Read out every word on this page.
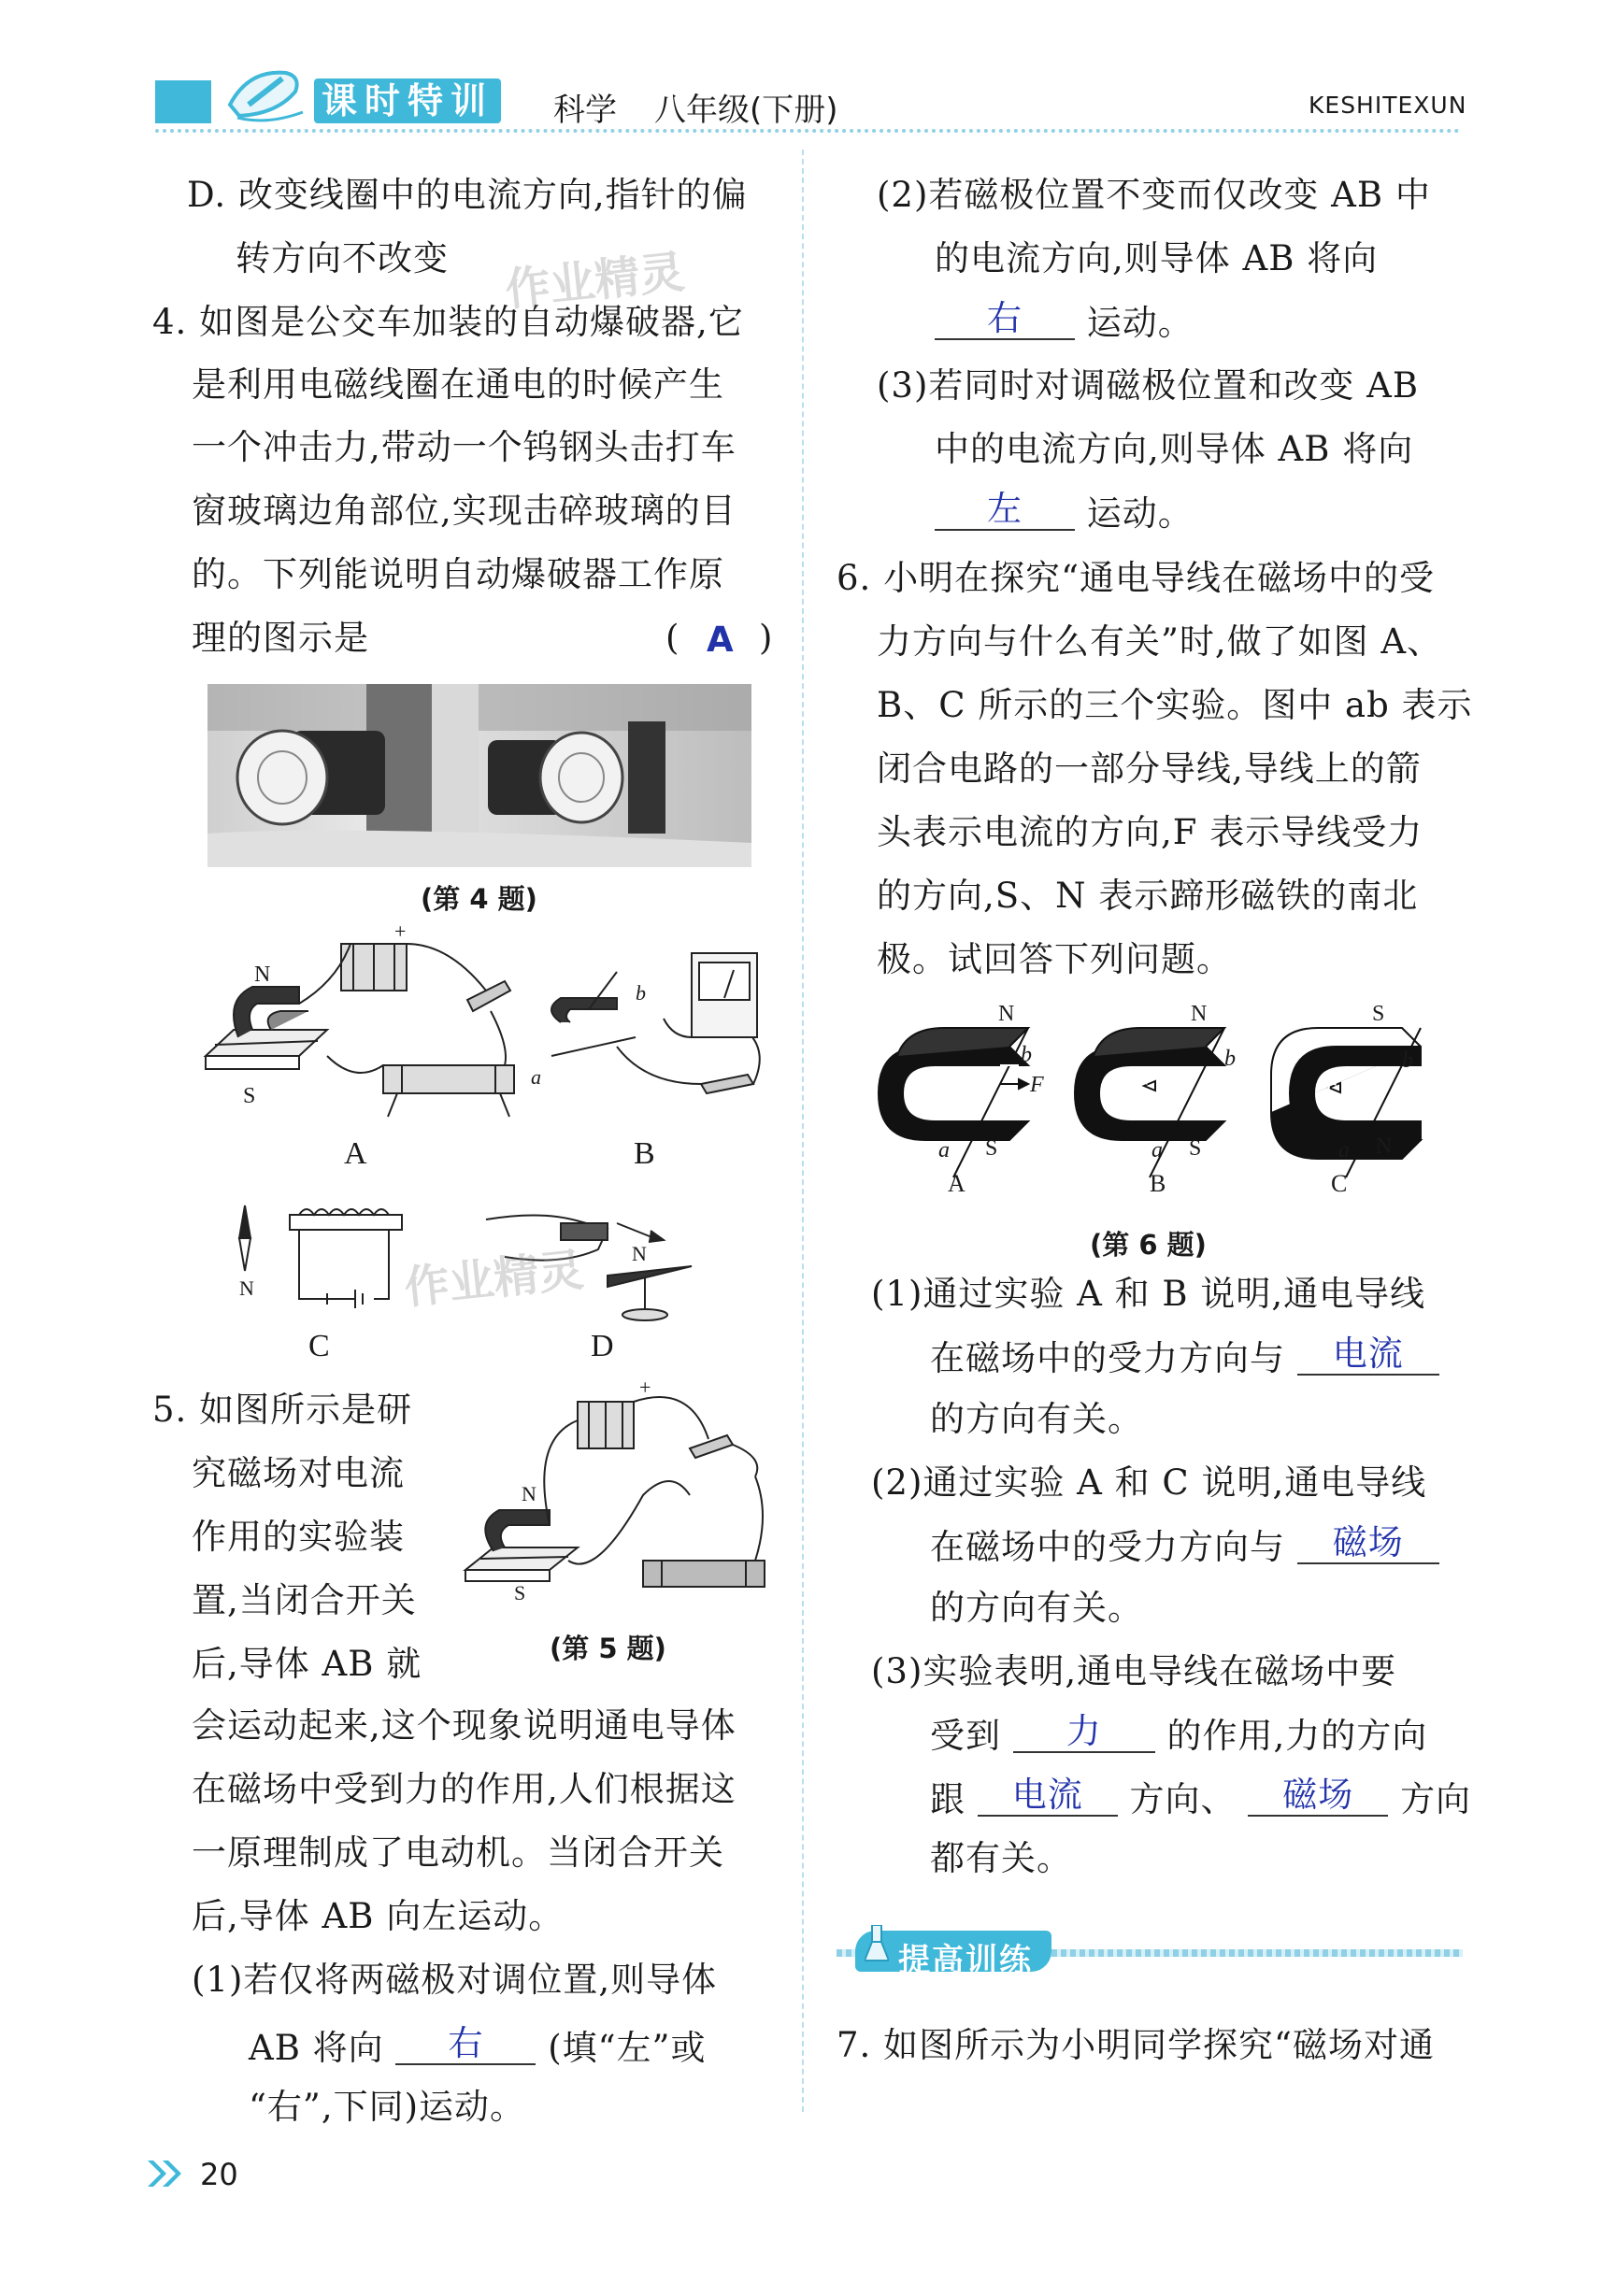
课时特训 科学 八年级(下册)	KESHITEXUN
D. 改变线圈中的电流方向,指针的偏
转方向不改变
4. 如图是公交车加装的自动爆破器,它
是利用电磁线圈在通电的时候产生
一个冲击力,带动一个钨钢头击打车
窗玻璃边角部位,实现击碎玻璃的目
的。下列能说明自动爆破器工作原
理的图示是	( A )
(第 4 题)
N
S
+
A
b
a
B
N
C
N
D
5. 如图所示是研
究磁场对电流
作用的实验装
置,当闭合开关
后,导体 AB 就
N
S
+
(第 5 题)
会运动起来,这个现象说明通电导体
在磁场中受到力的作用,人们根据这
一原理制成了电动机。当闭合开关
后,导体 AB 向左运动。
(1)若仅将两磁极对调位置,则导体
AB 将向 右 (填“左”或
“右”,下同)运动。
(2)若磁极位置不变而仅改变 AB 中
的电流方向,则导体 AB 将向
右 运动。
(3)若同时对调磁极位置和改变 AB
中的电流方向,则导体 AB 将向
左 运动。
6. 小明在探究“通电导线在磁场中的受
力方向与什么有关”时,做了如图 A、
B、C 所示的三个实验。图中 ab 表示
闭合电路的一部分导线,导线上的箭
头表示电流的方向,F 表示导线受力
的方向,S、N 表示蹄形磁铁的南北
极。试回答下列问题。
N
b
F
a S
A
N
b
F
a S
B
S
b
F
a N
C
(第 6 题)
(1)通过实验 A 和 B 说明,通电导线
在磁场中的受力方向与 电流
的方向有关。
(2)通过实验 A 和 C 说明,通电导线
在磁场中的受力方向与 磁场
的方向有关。
(3)实验表明,通电导线在磁场中要
受到 力 的作用,力的方向
跟 电流 方向、 磁场 方向
都有关。
提高训练
7. 如图所示为小明同学探究“磁场对通
20
作业精灵
作业精灵
